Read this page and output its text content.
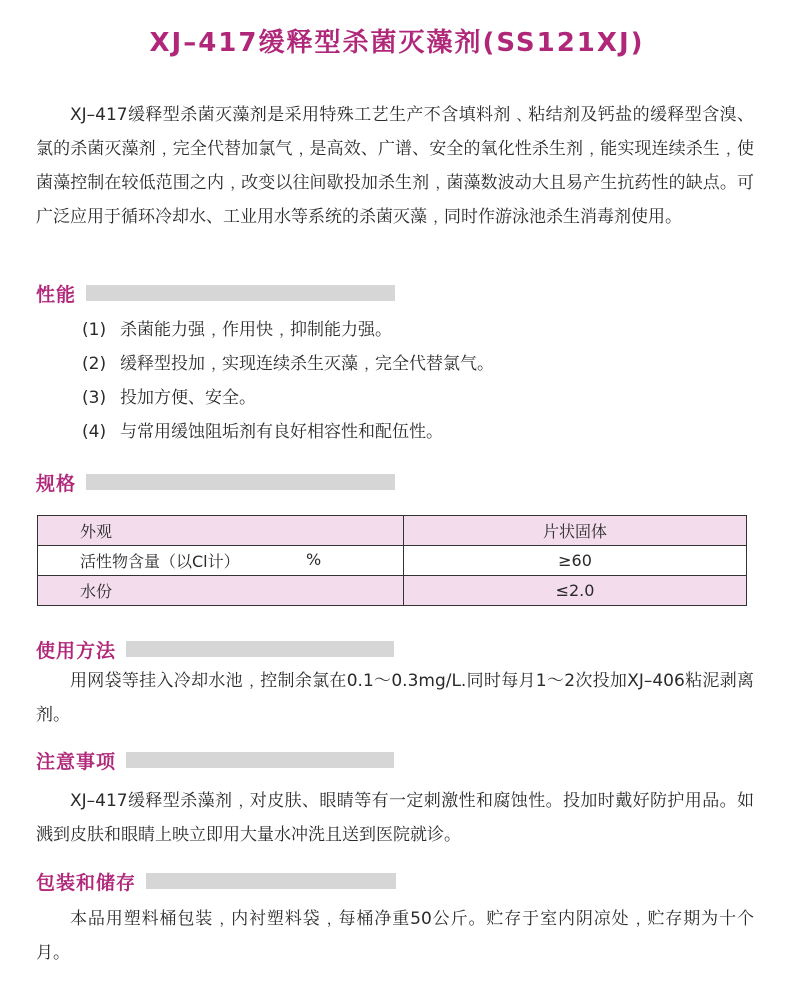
XJ–417缓释型杀菌灭藻剂(SS121XJ)

XJ–417缓释型杀菌灭藻剂是采用特殊工艺生产不含填料剂﹑粘结剂及钙盐的缓释型含溴、氯的杀菌灭藻剂﹐完全代替加氯气﹐是高效、广谱、安全的氧化性杀生剂﹐能实现连续杀生﹐使菌藻控制在较低范围之内﹐改变以往间歇投加杀生剂﹐菌藻数波动大且易产生抗药性的缺点。可广泛应用于循环冷却水、工业用水等系统的杀菌灭藻﹐同时作游泳池杀生消毒剂使用。

性能
(1) 杀菌能力强﹐作用快﹐抑制能力强。
(2) 缓释型投加﹐实现连续杀生灭藻﹐完全代替氯气。
(3) 投加方便、安全。
(4) 与常用缓蚀阻垢剂有良好相容性和配伍性。
规格
外观	片状固体
活性物含量（以Cl计） %	≥60
水份	≤2.0
使用方法

用网袋等挂入冷却水池﹐控制余氯在0.1～0.3mg/L.同时每月1～2次投加XJ–406粘泥剥离剂。

注意事项

XJ–417缓释型杀藻剂﹐对皮肤、眼睛等有一定刺激性和腐蚀性。投加时戴好防护用品。如溅到皮肤和眼睛上映立即用大量水冲洗且送到医院就诊。

包装和储存

本品用塑料桶包装﹐内衬塑料袋﹐每桶净重50公斤。贮存于室内阴凉处﹐贮存期为十个月。
